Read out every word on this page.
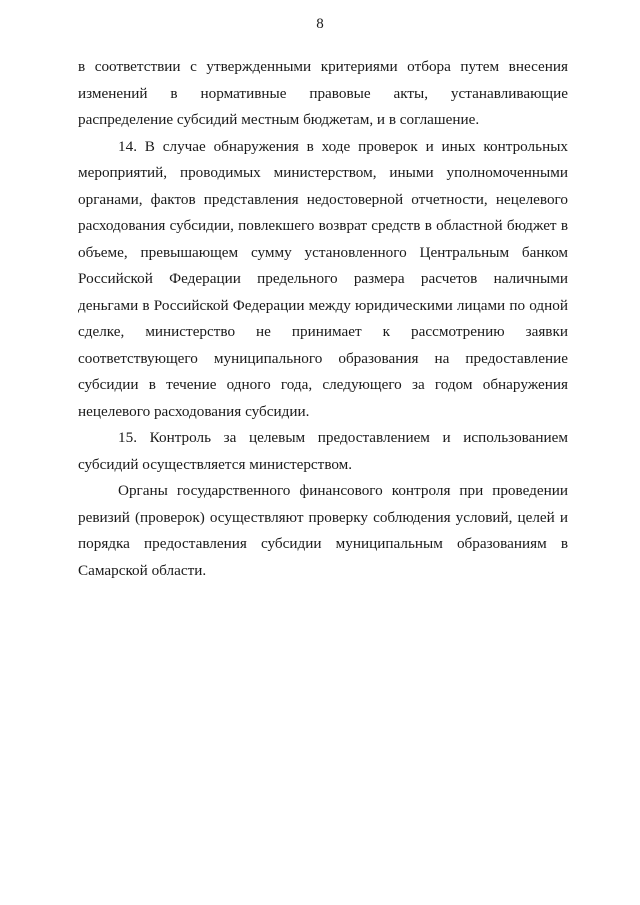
8

в соответствии с утвержденными критериями отбора путем внесения изменений в нормативные правовые акты, устанавливающие распределение субсидий местным бюджетам, и в соглашение.

14. В случае обнаружения в ходе проверок и иных контрольных мероприятий, проводимых министерством, иными уполномоченными органами, фактов представления недостоверной отчетности, нецелевого расходования субсидии, повлекшего возврат средств в областной бюджет в объеме, превышающем сумму установленного Центральным банком Российской Федерации предельного размера расчетов наличными деньгами в Российской Федерации между юридическими лицами по одной сделке, министерство не принимает к рассмотрению заявки соответствующего муниципального образования на предоставление субсидии в течение одного года, следующего за годом обнаружения нецелевого расходования субсидии.

15. Контроль за целевым предоставлением и использованием субсидий осуществляется министерством.

Органы государственного финансового контроля при проведении ревизий (проверок) осуществляют проверку соблюдения условий, целей и порядка предоставления субсидии муниципальным образованиям в Самарской области.
